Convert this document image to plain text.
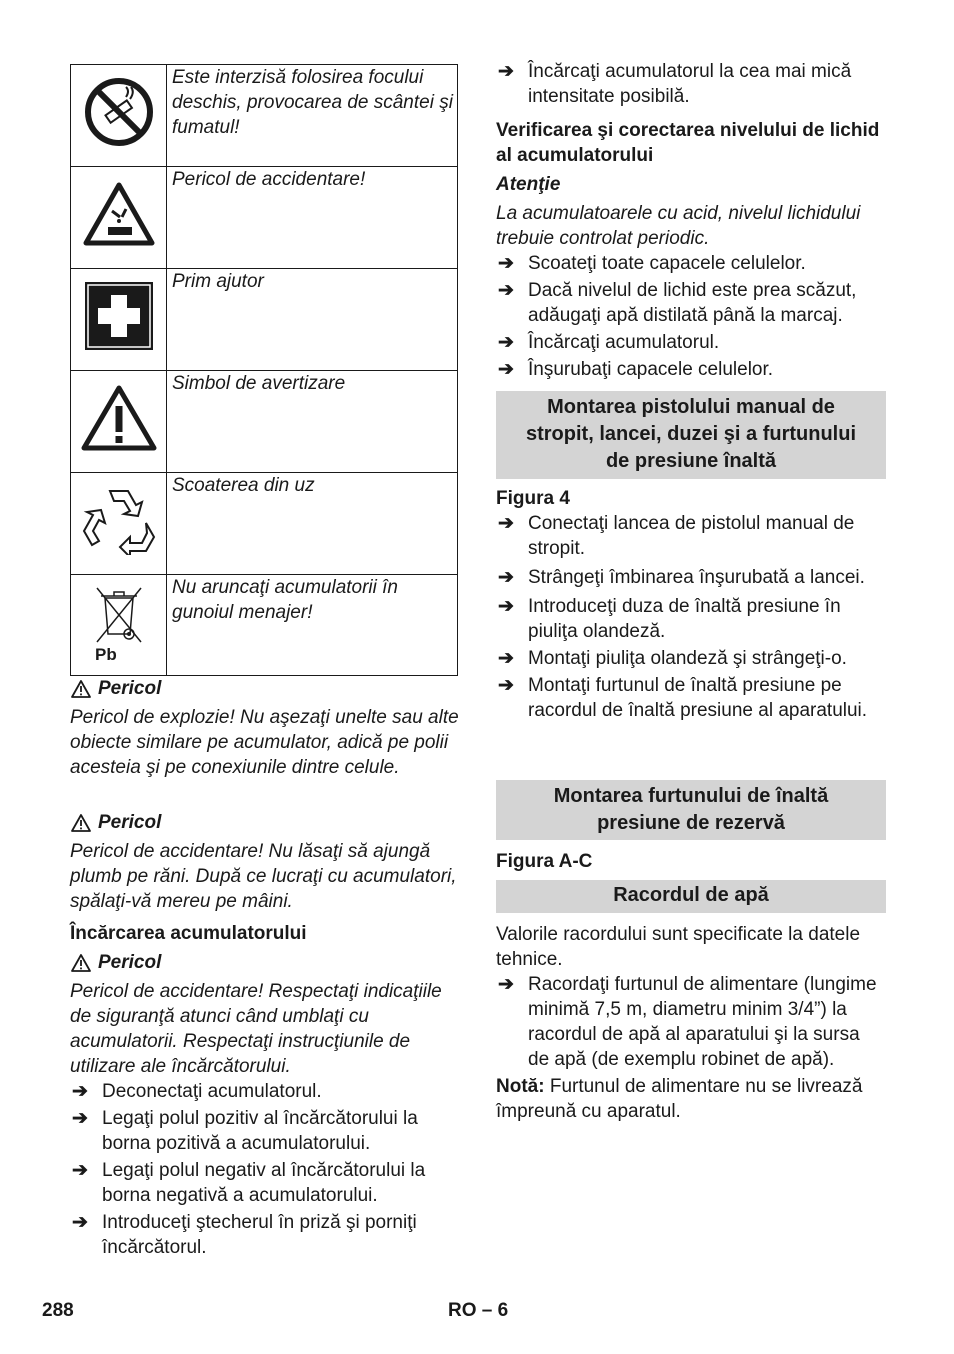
	Este interzisă folosirea focului deschis, provocarea de scântei şi fumatul!
	Pericol de accidentare!
	Prim ajutor
	Simbol de avertizare
	Scoaterea din uz

Pb	Nu aruncaţi acumulatorii în gunoiul menajer!
Pericol
Pericol de explozie! Nu aşezaţi unelte sau alte obiecte similare pe acumulator, adică pe polii acesteia şi pe conexiunile dintre celule.
Pericol
Pericol de accidentare! Nu lăsaţi să ajungă plumb pe răni. După ce lucraţi cu acumulatori, spălaţi-vă mereu pe mâini.
Încărcarea acumulatorului
Pericol
Pericol de accidentare! Respectaţi indicaţiile de siguranţă atunci când umblaţi cu acumulatorii. Respectaţi instrucţiunile de utilizare ale încărcătorului.
➔ Deconectaţi acumulatorul.
➔ Legaţi polul pozitiv al încărcătorului la borna pozitivă a acumulatorului.
➔ Legaţi polul negativ al încărcătorului la borna negativă a acumulatorului.
➔ Introduceţi ştecherul în priză şi porniţi încărcătorul.
➔ Încărcaţi acumulatorul la cea mai mică intensitate posibilă.
Verificarea şi corectarea nivelului de lichid al acumulatorului
Atenţie
La acumulatoarele cu acid, nivelul lichidului trebuie controlat periodic.
➔ Scoateţi toate capacele celulelor.
➔ Dacă nivelul de lichid este prea scăzut, adăugaţi apă distilată până la marcaj.
➔ Încărcaţi acumulatorul.
➔ Înşurubaţi capacele celulelor.
Montarea pistolului manual de stropit, lancei, duzei şi a furtunului de presiune înaltă
Figura 4
➔ Conectaţi lancea de pistolul manual de stropit.
➔ Strângeţi îmbinarea înşurubată a lancei.
➔ Introduceţi duza de înaltă presiune în piuliţa olandeză.
➔ Montaţi piuliţa olandeză şi strângeţi-o.
➔ Montaţi furtunul de înaltă presiune pe racordul de înaltă presiune al aparatului.
Montarea furtunului de înaltă presiune de rezervă
Figura A-C
Racordul de apă
Valorile racordului sunt specificate la datele tehnice.
➔ Racordaţi furtunul de alimentare (lungime minimă 7,5 m, diametru minim 3/4”) la racordul de apă al aparatului şi la sursa de apă (de exemplu robinet de apă).
Notă: Furtunul de alimentare nu se livrează împreună cu aparatul.
288	RO – 6
